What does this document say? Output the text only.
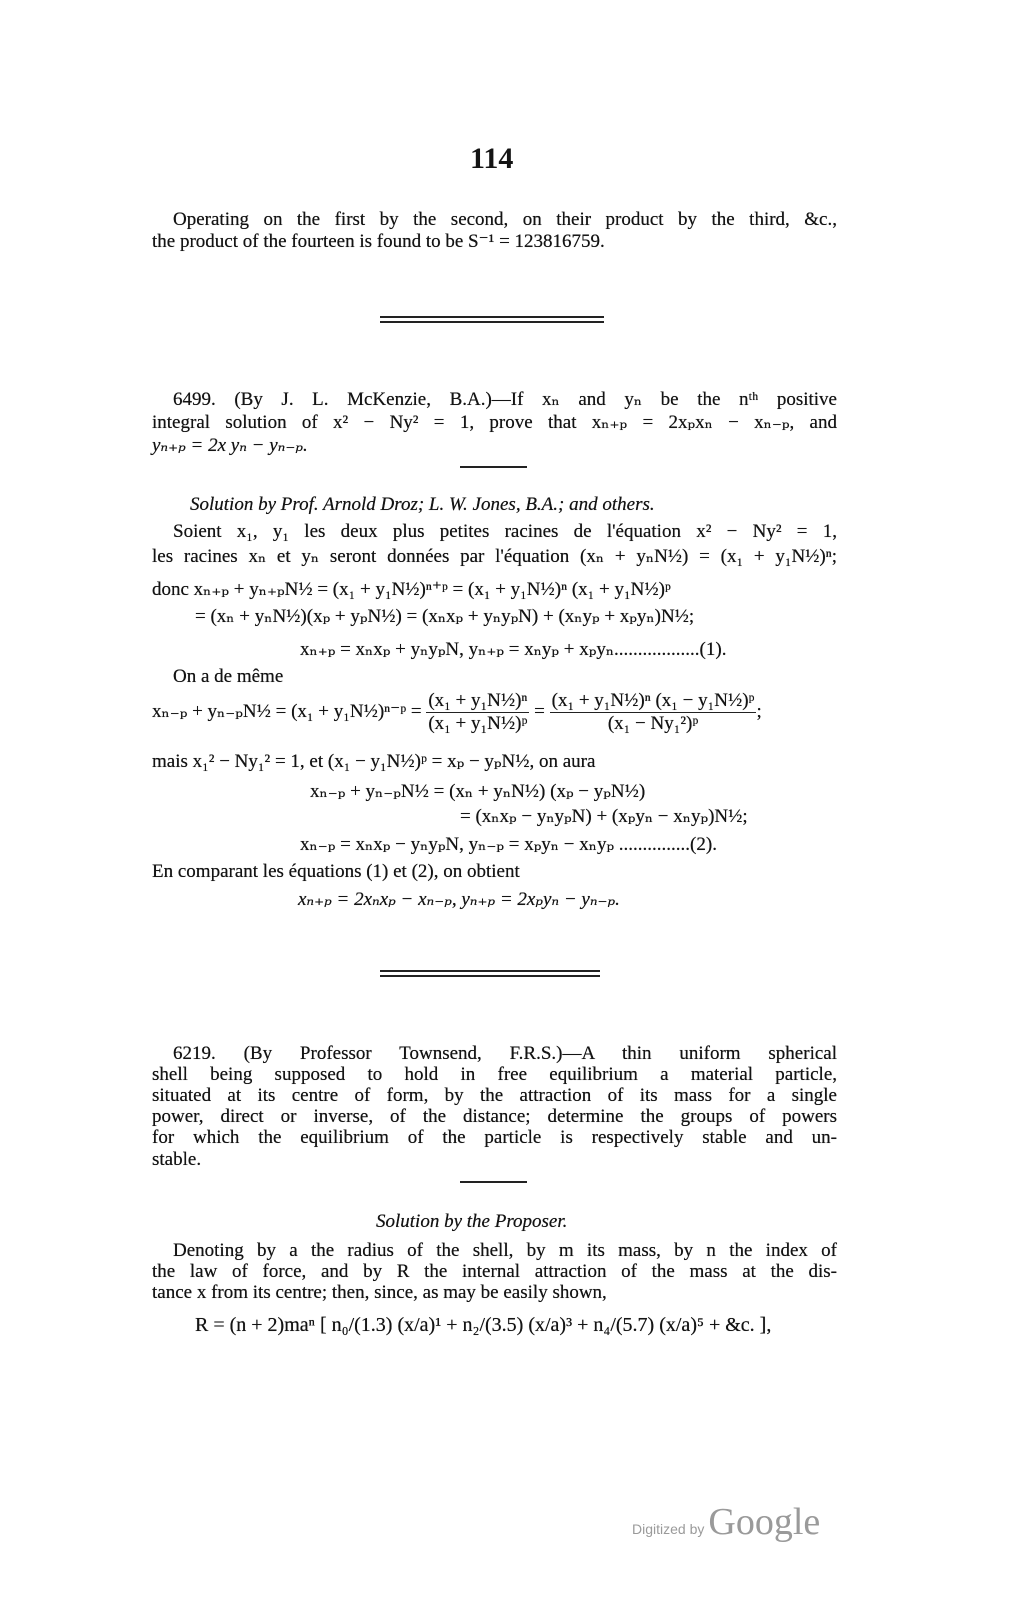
114
Operating on the first by the second, on their product by the third, &c.,
the product of the fourteen is found to be S⁻¹ = 123816759.
6499. (By J. L. McKenzie, B.A.)—If xₙ and yₙ be the nᵗʰ positive
integral solution of x² − Ny² = 1, prove that xₙ₊ₚ = 2xₚxₙ − xₙ₋ₚ, and
yₙ₊ₚ = 2x yₙ − yₙ₋ₚ.
Solution by Prof. Arnold Droz; L. W. Jones, B.A.; and others.
Soient x₁, y₁ les deux plus petites racines de l'équation x² − Ny² = 1,
les racines xₙ et yₙ seront données par l'équation (xₙ + yₙN½) = (x₁ + y₁N½)ⁿ;
donc xₙ₊ₚ + yₙ₊ₚN½ = (x₁ + y₁N½)ⁿ⁺ᵖ = (x₁ + y₁N½)ⁿ (x₁ + y₁N½)ᵖ
= (xₙ + yₙN½)(xₚ + yₚN½) = (xₙxₚ + yₙyₚN) + (xₙyₚ + xₚyₙ)N½;
xₙ₊ₚ = xₙxₚ + yₙyₚN, yₙ₊ₚ = xₙyₚ + xₚyₙ..................(1).
On a de même
xₙ₋ₚ + yₙ₋ₚN½ = (x₁ + y₁N½)ⁿ⁻ᵖ = $\frac{\text{(x₁ + y₁N½)ⁿ}}{\text{(x₁ + y₁N½)ᵖ}} = \frac{\text{(x₁ + y₁N½)ⁿ (x₁ − y₁N½)ᵖ}}{\text{(x₁ − Ny₁²)ᵖ}}$ ;
mais x₁² − Ny₁² = 1, et (x₁ − y₁N½)ᵖ = xₚ − yₚN½, on aura
xₙ₋ₚ + yₙ₋ₚN½ = (xₙ + yₙN½) (xₚ − yₚN½)
= (xₙxₚ − yₙyₚN) + (xₚyₙ − xₙyₚ)N½;
xₙ₋ₚ = xₙxₚ − yₙyₚN, yₙ₋ₚ = xₚyₙ − xₙyₚ ...............(2).
En comparant les équations (1) et (2), on obtient
xₙ₊ₚ = 2xₙxₚ − xₙ₋ₚ, yₙ₊ₚ = 2xₚyₙ − yₙ₋ₚ.
6219. (By Professor Townsend, F.R.S.)—A thin uniform spherical
shell being supposed to hold in free equilibrium a material particle,
situated at its centre of form, by the attraction of its mass for a single
power, direct or inverse, of the distance; determine the groups of powers
for which the equilibrium of the particle is respectively stable and un-
stable.
Solution by the Proposer.
Denoting by a the radius of the shell, by m its mass, by n the index of
the law of force, and by R the internal attraction of the mass at the dis-
tance x from its centre; then, since, as may be easily shown,
R = (n + 2)maⁿ [ n₀/(1.3) (x/a)¹ + n₂/(3.5) (x/a)³ + n₄/(5.7) (x/a)⁵ + &c. ],
Digitized by Google
